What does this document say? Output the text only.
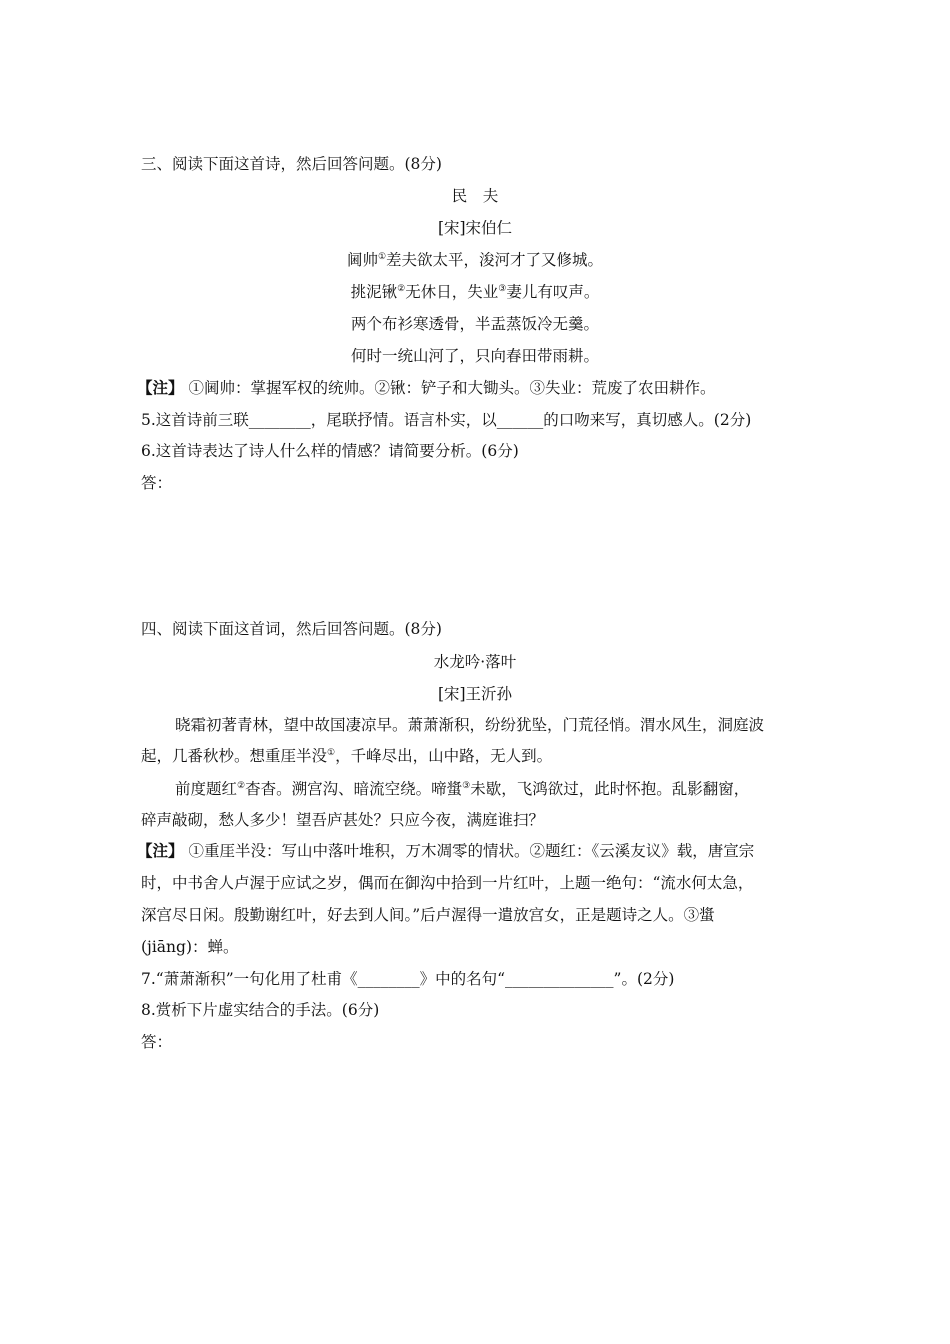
三、阅读下面这首诗，然后回答问题。(8分)
民　夫
[宋]宋伯仁
阃帅①差夫欲太平，浚河才了又修城。
挑泥锹②无休日，失业③妻儿有叹声。
两个布衫寒透骨，半盂蒸饭冷无羹。
何时一统山河了，只向春田带雨耕。
【注】 ①阃帅：掌握军权的统帅。②锹：铲子和大锄头。③失业：荒废了农田耕作。
5.这首诗前三联________，尾联抒情。语言朴实，以______的口吻来写，真切感人。(2分)
6.这首诗表达了诗人什么样的情感？请简要分析。(6分)
答：
四、阅读下面这首词，然后回答问题。(8分)
水龙吟·落叶
[宋]王沂孙
晓霜初著青林，望中故国凄凉早。萧萧渐积，纷纷犹坠，门荒径悄。渭水风生，洞庭波
起，几番秋杪。想重厓半没①，千峰尽出，山中路，无人到。
前度题红②杳杳。溯宫沟、暗流空绕。啼螀③未歇，飞鸿欲过，此时怀抱。乱影翻窗，
碎声敲砌，愁人多少！望吾庐甚处？只应今夜，满庭谁扫？
【注】 ①重厓半没：写山中落叶堆积，万木凋零的情状。②题红：《云溪友议》载，唐宣宗
时，中书舍人卢渥于应试之岁，偶而在御沟中拾到一片红叶，上题一绝句：“流水何太急，
深宫尽日闲。殷勤谢红叶，好去到人间。”后卢渥得一遣放宫女，正是题诗之人。③螀
(jiāng)：蝉。
7.“萧萧渐积”一句化用了杜甫《________》中的名句“______________”。(2分)
8.赏析下片虚实结合的手法。(6分)
答：
